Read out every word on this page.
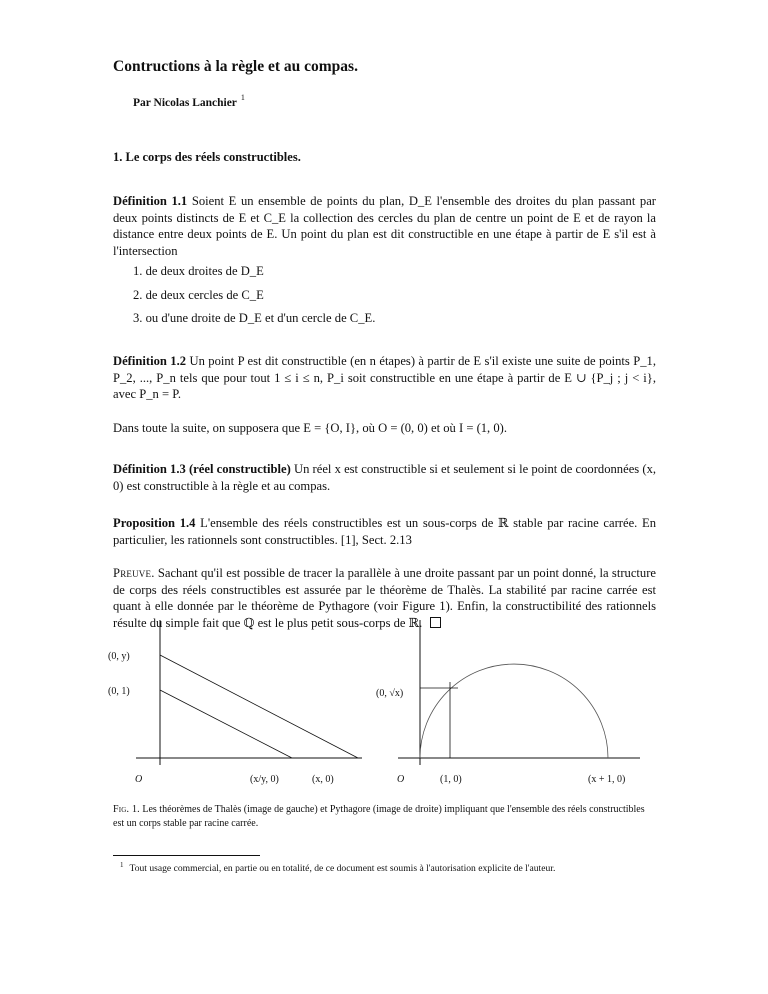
Contructions à la règle et au compas.
Par Nicolas Lanchier $^1$
1. Le corps des réels constructibles.
Définition 1.1 Soient E un ensemble de points du plan, D_E l'ensemble des droites du plan passant par deux points distincts de E et C_E la collection des cercles du plan de centre un point de E et de rayon la distance entre deux points de E. Un point du plan est dit constructible en une étape à partir de E s'il est à l'intersection
1. de deux droites de D_E
2. de deux cercles de C_E
3. ou d'une droite de D_E et d'un cercle de C_E.
Définition 1.2 Un point P est dit constructible (en n étapes) à partir de E s'il existe une suite de points P_1, P_2, ..., P_n tels que pour tout 1 ≤ i ≤ n, P_i soit constructible en une étape à partir de E ∪ {P_j ; j < i}, avec P_n = P.
Dans toute la suite, on supposera que E = {O, I}, où O = (0, 0) et où I = (1, 0).
Définition 1.3 (réel constructible) Un réel x est constructible si et seulement si le point de coordonnées (x, 0) est constructible à la règle et au compas.
Proposition 1.4 L'ensemble des réels constructibles est un sous-corps de ℝ stable par racine carrée. En particulier, les rationnels sont constructibles. [1], Sect. 2.13
Preuve. Sachant qu'il est possible de tracer la parallèle à une droite passant par un point donné, la structure de corps des réels constructibles est assurée par le théorème de Thalès. La stabilité par racine carrée est quant à elle donnée par le théorème de Pythagore (voir Figure 1). Enfin, la constructibilité des rationnels résulte du simple fait que ℚ est le plus petit sous-corps de ℝ.
(0, y)
(0, 1)
O	(x/y, 0)	(x, 0)
(0, √x)
O	(1, 0)	(x + 1, 0)
Fig. 1. Les théorèmes de Thalès (image de gauche) et Pythagore (image de droite) impliquant que l'ensemble des réels constructibles est un corps stable par racine carrée.
$^1$ Tout usage commercial, en partie ou en totalité, de ce document est soumis à l'autorisation explicite de l'auteur.
